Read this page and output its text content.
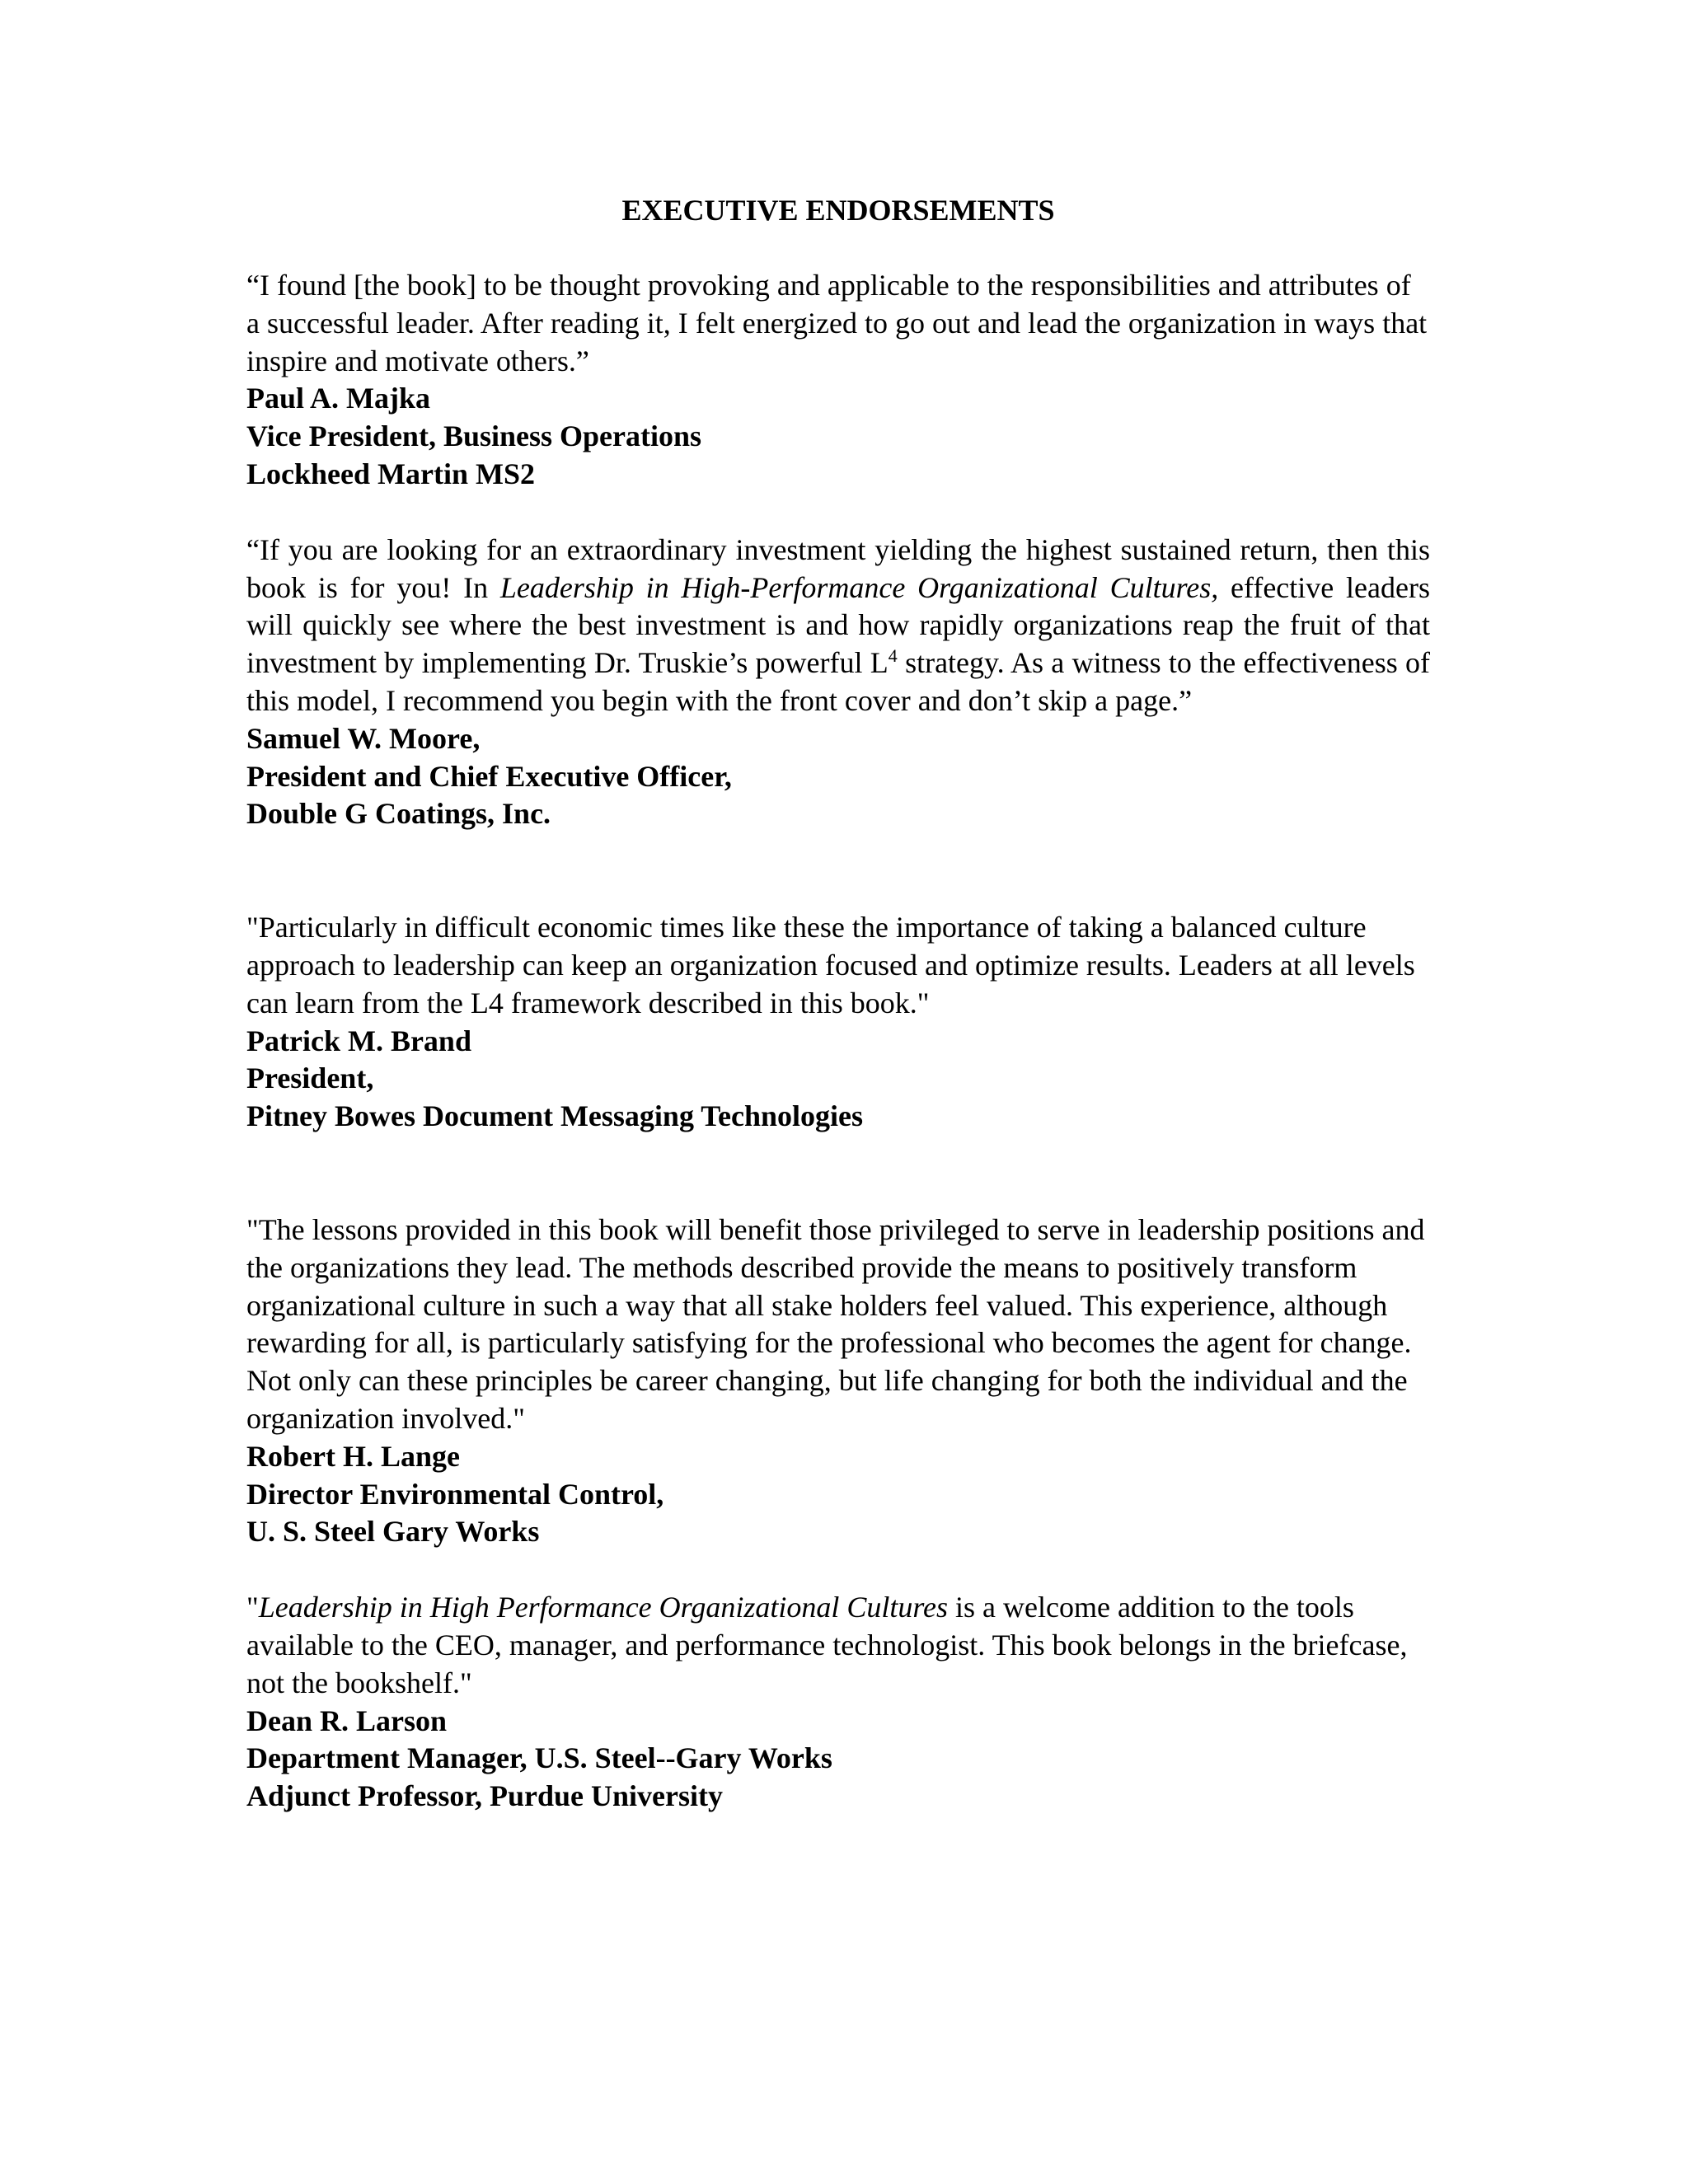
EXECUTIVE ENDORSEMENTS

“I found [the book] to be thought provoking and applicable to the responsibilities and attributes of a successful leader. After reading it, I felt energized to go out and lead the organization in ways that inspire and motivate others.”

Paul A. Majka

Vice President, Business Operations

Lockheed Martin MS2

“If you are looking for an extraordinary investment yielding the highest sustained return, then this book is for you! In Leadership in High-Performance Organizational Cultures, effective leaders will quickly see where the best investment is and how rapidly organizations reap the fruit of that investment by implementing Dr. Truskie’s powerful $L^4$ strategy. As a witness to the effectiveness of this model, I recommend you begin with the front cover and don’t skip a page.”

Samuel W. Moore,

President and Chief Executive Officer,

Double G Coatings, Inc.

"Particularly in difficult economic times like these the importance of taking a balanced culture approach to leadership can keep an organization focused and optimize results. Leaders at all levels can learn from the L4 framework described in this book."

Patrick M. Brand

President,

Pitney Bowes Document Messaging Technologies

"The lessons provided in this book will benefit those privileged to serve in leadership positions and the organizations they lead. The methods described provide the means to positively transform organizational culture in such a way that all stake holders feel valued. This experience, although rewarding for all, is particularly satisfying for the professional who becomes the agent for change. Not only can these principles be career changing, but life changing for both the individual and the organization involved."

Robert H. Lange

Director Environmental Control,

U. S. Steel Gary Works

"Leadership in High Performance Organizational Cultures is a welcome addition to the tools available to the CEO, manager, and performance technologist. This book belongs in the briefcase, not the bookshelf."

Dean R. Larson

Department Manager, U.S. Steel--Gary Works

Adjunct Professor, Purdue University
